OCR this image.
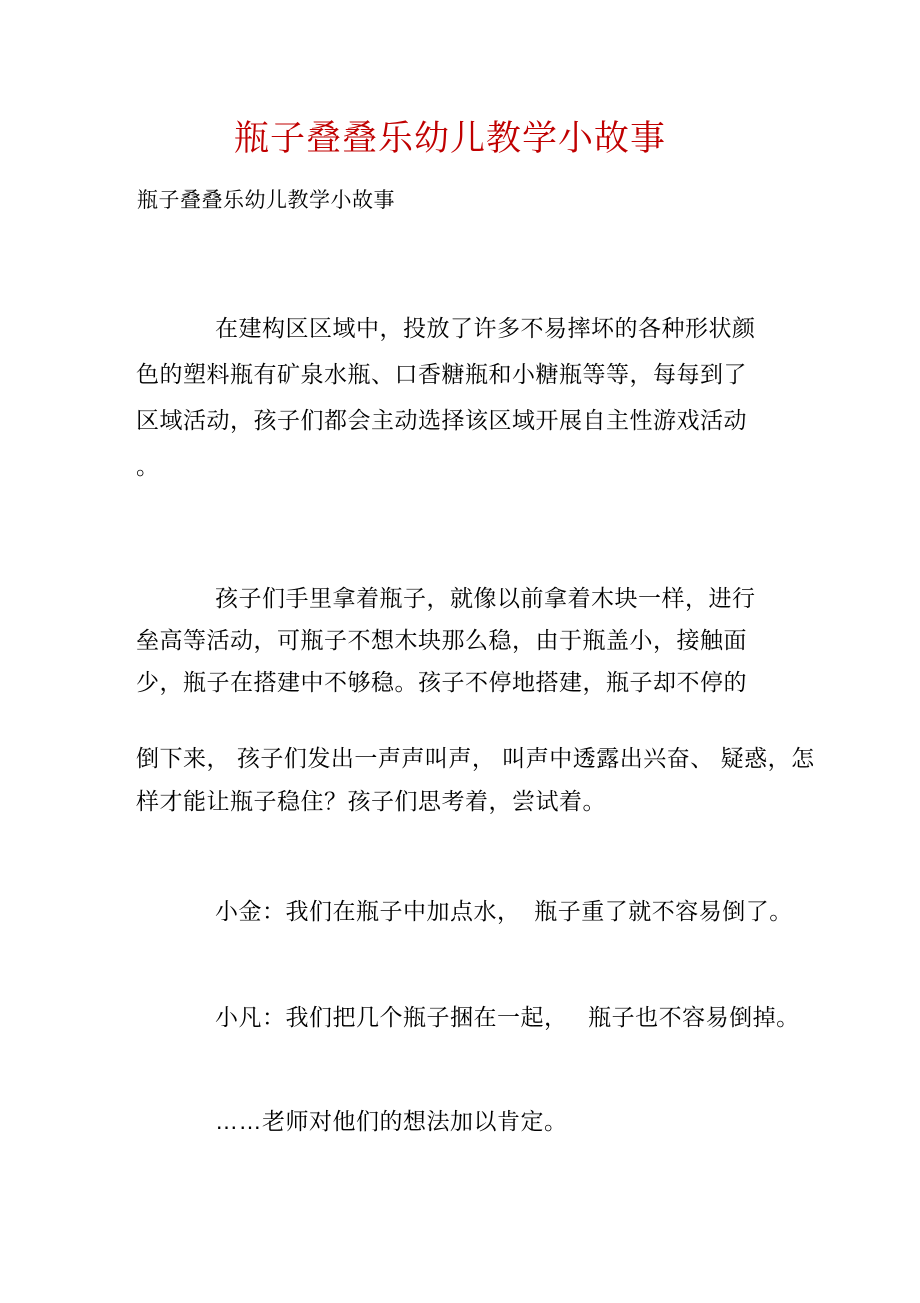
瓶子叠叠乐幼儿教学小故事
瓶子叠叠乐幼儿教学小故事
在建构区区域中，投放了许多不易摔坏的各种形状颜
色的塑料瓶有矿泉水瓶、口香糖瓶和小糖瓶等等，每每到了
区域活动，孩子们都会主动选择该区域开展自主性游戏活动
。
孩子们手里拿着瓶子，就像以前拿着木块一样，进行
垒高等活动，可瓶子不想木块那么稳，由于瓶盖小，接触面
少，瓶子在搭建中不够稳。孩子不停地搭建，瓶子却不停的
倒下来， 孩子们发出一声声叫声， 叫声中透露出兴奋、 疑惑，怎
样才能让瓶子稳住？孩子们思考着，尝试着。
小金：我们在瓶子中加点水，  瓶子重了就不容易倒了。
小凡：我们把几个瓶子捆在一起，   瓶子也不容易倒掉。
……老师对他们的想法加以肯定。
